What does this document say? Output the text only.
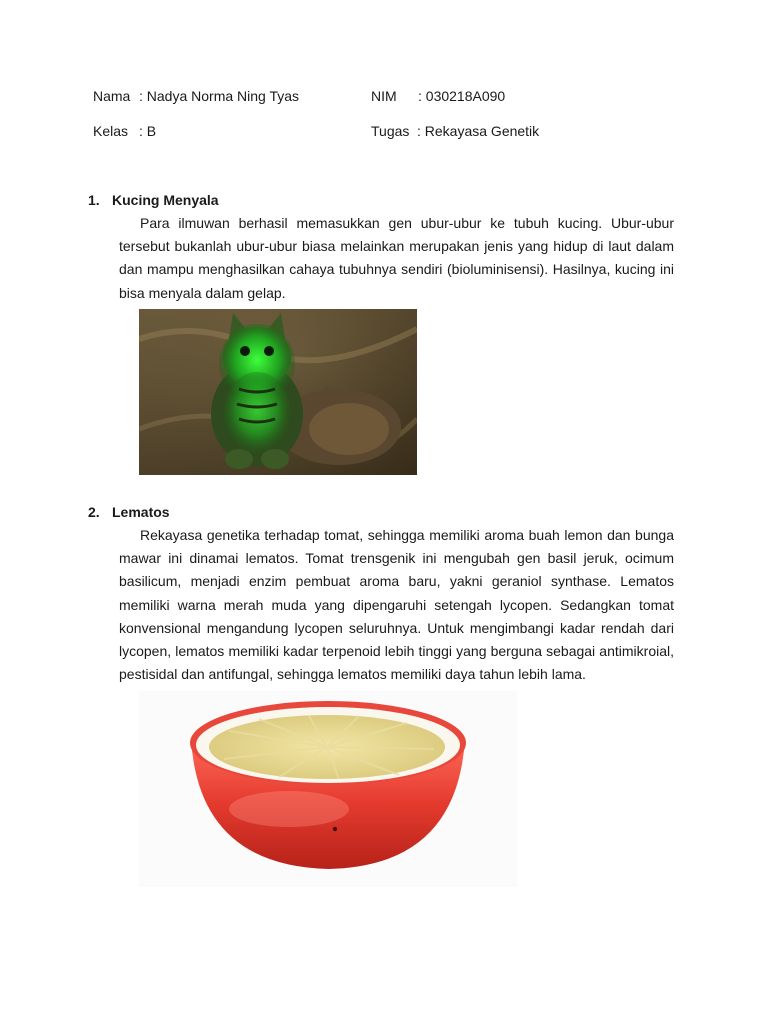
Nama : Nadya Norma Ning Tyas	NIM : 030218A090
Kelas : B	Tugas : Rekayasa Genetik
1. Kucing Menyala

Para ilmuwan berhasil memasukkan gen ubur-ubur ke tubuh kucing. Ubur-ubur tersebut bukanlah ubur-ubur biasa melainkan merupakan jenis yang hidup di laut dalam dan mampu menghasilkan cahaya tubuhnya sendiri (bioluminisensi). Hasilnya, kucing ini bisa menyala dalam gelap.

2. Lematos

Rekayasa genetika terhadap tomat, sehingga memiliki aroma buah lemon dan bunga mawar ini dinamai lematos. Tomat trensgenik ini mengubah gen basil jeruk, ocimum basilicum, menjadi enzim pembuat aroma baru, yakni geraniol synthase. Lematos memiliki warna merah muda yang dipengaruhi setengah lycopen. Sedangkan tomat konvensional mengandung lycopen seluruhnya. Untuk mengimbangi kadar rendah dari lycopen, lematos memiliki kadar terpenoid lebih tinggi yang berguna sebagai antimikroial, pestisidal dan antifungal, sehingga lematos memiliki daya tahun lebih lama.
